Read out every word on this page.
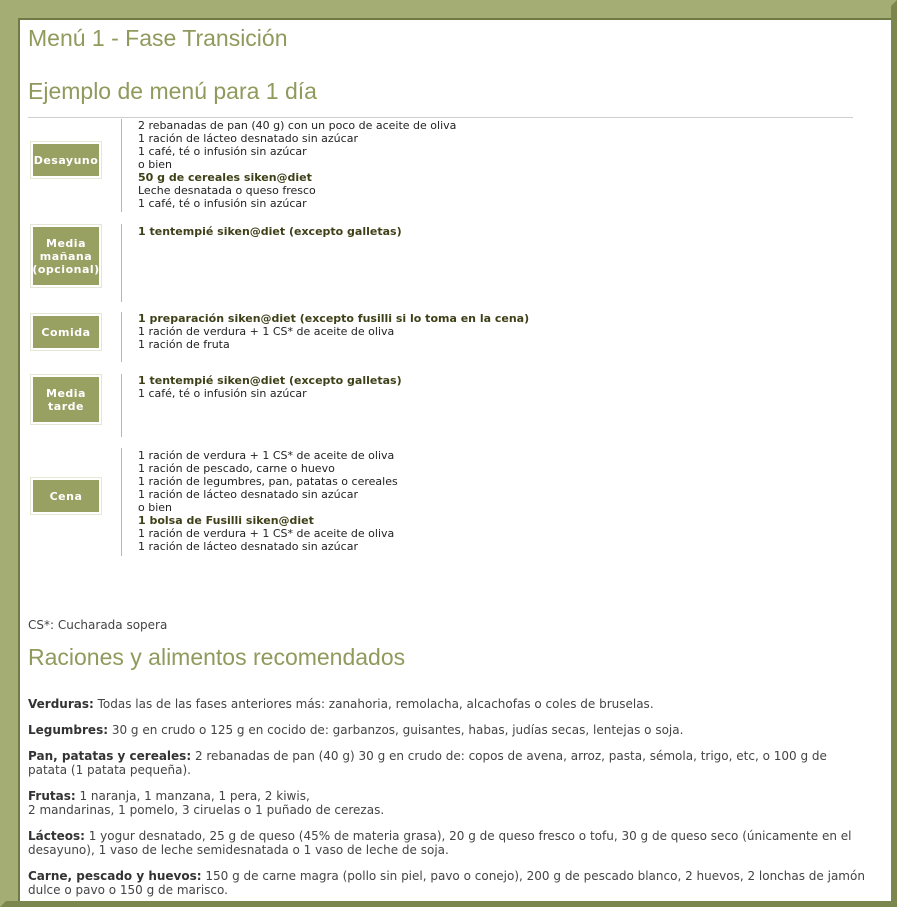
Menú 1 - Fase Transición
Ejemplo de menú para 1 día
Desayuno
2 rebanadas de pan (40 g) con un poco de aceite de oliva
1 ración de lácteo desnatado sin azúcar
1 café, té o infusión sin azúcar
o bien
50 g de cereales siken@diet
Leche desnatada o queso fresco
1 café, té o infusión sin azúcar
Media
mañana
(opcional)
1 tentempié siken@diet (excepto galletas)
Comida
1 preparación siken@diet (excepto fusilli si lo toma en la cena)
1 ración de verdura + 1 CS* de aceite de oliva
1 ración de fruta
Media
tarde
1 tentempié siken@diet (excepto galletas)
1 café, té o infusión sin azúcar
Cena
1 ración de verdura + 1 CS* de aceite de oliva
1 ración de pescado, carne o huevo
1 ración de legumbres, pan, patatas o cereales
1 ración de lácteo desnatado sin azúcar
o bien
1 bolsa de Fusilli siken@diet
1 ración de verdura + 1 CS* de aceite de oliva
1 ración de lácteo desnatado sin azúcar
CS*: Cucharada sopera
Raciones y alimentos recomendados

Verduras: Todas las de las fases anteriores más: zanahoria, remolacha, alcachofas o coles de bruselas.

Legumbres: 30 g en crudo o 125 g en cocido de: garbanzos, guisantes, habas, judías secas, lentejas o soja.

Pan, patatas y cereales: 2 rebanadas de pan (40 g) 30 g en crudo de: copos de avena, arroz, pasta, sémola, trigo, etc, o 100 g de patata (1 patata pequeña).

Frutas: 1 naranja, 1 manzana, 1 pera, 2 kiwis,
2 mandarinas, 1 pomelo, 3 ciruelas o 1 puñado de cerezas.

Lácteos: 1 yogur desnatado, 25 g de queso (45% de materia grasa), 20 g de queso fresco o tofu, 30 g de queso seco (únicamente en el desayuno), 1 vaso de leche semidesnatada o 1 vaso de leche de soja.

Carne, pescado y huevos: 150 g de carne magra (pollo sin piel, pavo o conejo), 200 g de pescado blanco, 2 huevos, 2 lonchas de jamón dulce o pavo o 150 g de marisco.
